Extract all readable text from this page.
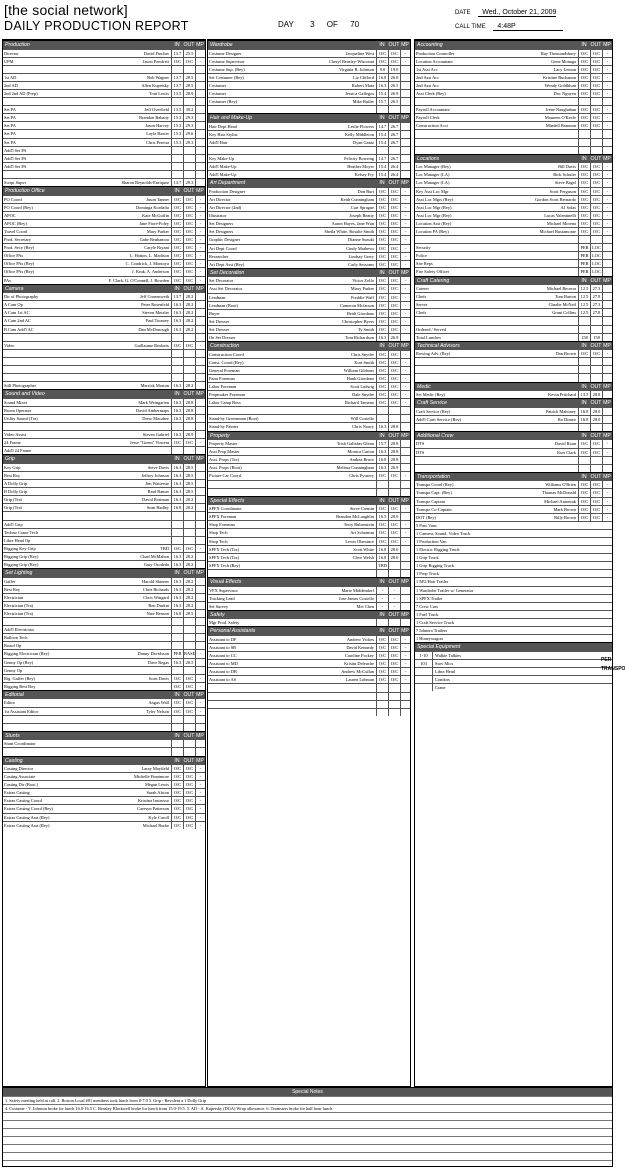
[the social network]
DAILY PRODUCTION REPORT	DAY 3 OF 70
DATE Wed., October 21, 2009
CALL TIME 4:48P
Production	IN OUT MP
Director	David Fincher	13.7 25.5
UPM	Jason Pomfrett	O/C	O/C	-
1st AD	Bob Wagner	13.7 28.5
2nd AD	Allen Kupetsky	13.7 28.5
2nd 2nd AD (Prep)	Toni Lewis	13.5 28.9
Set PA	Jeff Overfield	13.5 30.2
Set PA	Brandon Babatty	15.3 29.3
Set PA	Jason Harvey	15.3 29.3
Set PA	Layla Baxter	15.3 29.6
Set PA	Chris Pereira	15.3 29.3
Add'l Set PA
Add'l Set PA
Add'l Set PA
Script Supvr	Sharon Reynolds-Enriquez	13.7 29.3
Production Office	IN OUT MP
PO Coord	Jason Tanner	O/C	O/C	-
PO Coord (Rey)	Dominga Kordafta	O/C	O/C	-
APOC	Kate McGuffin	O/C	O/C	-
APOC (Rey)	Jane Fiore-Foley	O/C	O/C	-
Travel Coord	Mary Parker	O/C	O/C	-
Prod. Secretary	Gabe Benhamou	O/C	O/C	-
Prod. Secy (Rey)	Caryle Bryant	O/C	O/C	-
Office PAs	L. Hatton, L. Madison	O/C	O/C	-
Office PAs (Rey)	C. Coudrick, J. Montoya	O/C	O/C	-
Office PAs (Rey)	J. Kruk, A. Anderson	O/C	O/C	-
PAs	F. Clark, G. O'Connell, J. Bowden	O/C	O/C	-
Camera	IN OUT MP
Dir of Photography	Jeff Cronenweth	13.7 28.2
A Cam Op	Peter Rosenfeld	16.3 28.2
A Cam 1st AC	Steven Meizler	16.3 28.2
A Cam 2nd AC	Paul Toomey	16.3 28.2
B Cam Add'l AC	Dan McDonough	16.3 28.2
Video	Guillaume Roubeix	O/C	O/C	-
Still Photographer	Merrick Morton	16.3 28.2
Sound and Video	IN OUT MP
Sound Mixer	Mark Weingarten	16.3 28.8
Boom Operator	David Ambermaps	16.3 28.8
Utility Sound (Tra)	Drew Macahee	16.3 28.8
Video Assist	Steven Gabriel	16.3 28.9
24 Frame	Jesse "Green" Vincent	O/C	O/C	-
Add'l 24 Frame
Grip	IN OUT MP
Key Grip	Steve Davis	16.3 28.5
Best Boy	Jeffrey Johnson	16.3 28.5
A Dolly Grip	Jim Wattersie	16.3 28.5
B Dolly Grip	Brad Ramer	16.3 28.5
Grip (Tra)	David Rottman	16.3 28.2
Grip (Tra)	Sean Hadley	16.8 28.2
Add'l Grip
Techno Crane Tech
Libra Head Op
Rigging Key Grip	TBD	O/C	O/C	-
Rigging Grip (Rey)	Chad McMahon	16.3 28.2
Rigging Grip (Rey)	Gary Osodeda	16.3 28.2
Set Lighting	IN OUT MP
Gaffer	Harold Skinner	16.3 28.2
Best Boy	Chris Richards	16.3 28.2
Electrician	Chris Wingard	16.3 28.2
Electrician (Tra)	Ben Durkin	16.3 28.2
Electrician (Tra)	Nate Benson	16.8 28.5
Add'l Electrician
Balloon Tech
Board Op
Rigging Electrician (Rey)	Danny Davidsson	PER BASE	-
Genny Op (Rey)	Dave Regas	16.3 28.5
Genny Op
Rig. Gaffer (Rey)	Scott Davis	O/C	O/C	-
Rigging Best Boy	O/C	O/C	-
Editorial	IN OUT MP
Editor	Angus Wall	O/C	O/C	-
1st Assistant Editor	Tyler Nelson	O/C	O/C	-
Stunts	IN OUT MP
Stunt Coordinator
Casting	IN OUT MP
Casting Director	Laray Mayfield	O/C	O/C	-
Casting Associate	Michelle Finnimore	O/C	O/C	-
Casting Dir (Boot.)	Megan Lewis	O/C	O/C	-
Extras Casting	Sarah Alston	O/C	O/C	-
Extras Casting Coord	Kristina Instrosso	O/C	O/C	-
Extras Casting Coord (Rey)	Caresyn Patterson	O/C	O/C	-
Extras Casting Asst (Rey)	Kyle Caroll	O/C	O/C	-
Extras Casting Asst (Rey)	Michael Burke	O/C	O/C	-
Wardrobe	IN OUT MP
Costume Designer	Jacqueline West	O/C	O/C	-
Costume Supervisor	Cheryl Beasley-Wiscount	O/C	O/C	-
Costume Sup. (Rey)	Virginia B. Johnson	9.0	19.0
Set Costumer (Rey)	Liz Clifford	16.8 26.0
Costumer	Robert Mata	16.3 26.5
Costumer	Jessica Gallegos	15.4 26.9
Costumer (Rey)	Mike Butler	15.7 26.5
Hair and Make-Up	IN OUT MP
Hair Dept Head	Leslie Flowers	14.7 26.7
Key Hair Stylist	Kelly Middleton	15.4 26.7
Add'l Hair	Dyan Gantz	15.4 26.7
Key Make-Up	Felicity Bowring	14.7 26.7
Add'l Make-Up	Heather Moyer	15.4 26.4
Add'l Make-Up	Kelsey Fry	15.4 26.4
Art Department	IN OUT MP
Production Designer	Don Burt	O/C	O/C	-
Art Director	Keith Cunningham	O/C	O/C	-
Art Director (2nd)	Curt Sprague	O/C	O/C	-
Illustrator	Joseph Beatty	O/C	O/C	-
Set Designers	Aaron Hayes, Jane Wun	O/C	O/C	-
Set Designers	Sheila White, Rosalie Smith	O/C	O/C	-
Graphic Designer	Dianne Suzuki	O/C	O/C	-
Art Dept Coord	Cindy Mathews	O/C	O/C	-
Researcher	Lindsay Gerry	O/C	O/C	-
Art Dept Asst (Rey)	Carly Sessoms	O/C	O/C	-
Set Decoration	IN OUT MP
Set Decorator	Victor Zolfo	O/C	O/C	-
Asst Set Decorator	Missy Parker	O/C	O/C	-
Leadman	Freddie Waff	O/C	O/C	-
Leadman (Boot)	Cameron Mcfarson	O/C	O/C	-
Buyer	Heidi Giordano	O/C	O/C	-
Set Dresser	Christopher Byers	O/C	O/C	-
Set Dresser	Ty Smith	O/C	O/C	-
On Set Dresser	Tom Richardson	16.3 26.9
Construction	IN OUT MP
Construction Coord	Chris Snyder	O/C	O/C	-
Const. Coord (Rey)	Kurt Smith	O/C	O/C	-
General Foreman	William Gibbons	O/C	O/C	-
Paint Foreman	Hank Giordano	O/C	O/C	-
Labor Foreman	Scott Ludwig	O/C	O/C	-
Propmaker Foreman	Dale Snyder	O/C	O/C	-
Labor Camp Boss	Richard Tameno	O/C	O/C	-
Stand-by Greensman (Boot)	Will Costello
Stand-by Painter	Chris Noury	16.3 28.8
Property	IN OUT MP
Property Master	Trish Gallaher Glenn	15.7 28.8
Asst Prop Master	Monica Carion	16.3 28.8
Asst. Props (Tra)	Andrea Bruce	16.8 28.8
Asst. Props (Boot)	Melissa Cunningham	16.3 26.9
Picture Car Coord.	Chris Pyusery	O/C	O/C	-
Special Effects	IN OUT MP
SPFX Coordinator	Steve Cremin	O/C	O/C	-
SPFX Foreman	Brandon McLaughlin	16.5 28.0
Shop Foreman	Terry Rubenstein	O/C	O/C	-
Shop Tech	Art Schramm	O/C	O/C	-
Shop Tech	Lewis Oberance	O/C	O/C	-
SPFX Tech (Tra)	Scott White	16.8 28.0
SPFX Tech (Tra)	Clive Welsh	16.8 28.0
SPFX Tech (Rey)	TBD
Visual Effects	IN OUT MP
VFX Supervisor	Marie Middendorf	-	-
Tracking Lead	Jose James Costello	-	-
Set Survey	Mei Chen	-	-
Safety	IN OUT MP
Mgr Prod. Safety
Personal Assistants	IN OUT MP
Assistant to DF	Andrew Vickes	O/C	O/C	-
Assistant to SR	David Kennedy	O/C	O/C	-
Assistant to CC	Caroline Fockey	O/C	O/C	-
Assistant to MD	Kristin Deleuche	O/C	O/C	-
Assistant to DB	Andrew McCullan	O/C	O/C	-
Assistant to AS	Lauren Lohman	O/C	O/C	-
Accounting	IN OUT MP
Production Controller	Ray Thousandsbury	O/C	O/C	-
Location Accountant	Gene Monaga	O/C	O/C	-
1st Asst Acc	Lacy Lemon	O/C	O/C	-
2nd Asst Acc	Kristine Buchanon	O/C	O/C	-
2nd Asst Acc	Wendy Goldblum	O/C	O/C	-
Asst Clerk (Rey)	Doc Nguyen	O/C	O/C	-
Payroll Accountant	Irene Naughahan	O/C	O/C	-
Payroll Clerk	Maureen O'Keefe	O/C	O/C	-
Construction Acct	Mindell Brannon	O/C	O/C	-
Locations	IN OUT MP
Loc Manager (Rey)	Bill Davis	O/C	O/C	-
Loc Manager (LA)	Rick Schuler	O/C	O/C	-
Loc Manager (LA)	Steve Bagel	O/C	O/C	-
Key Asst Loc Mgr	Scott Ferguson	O/C	O/C	-
Asst Loc Mgrs (Rey)	Gordon Scott Bernardo	O/C	O/C	-
Asst Loc Mgr (Rey)	AJ Solas	O/C	O/C	-
Asst Loc Mgr (Rey)	Lucas Valentinelli	O/C	O/C	-
Location Asst (Rey)	Michael Morena	O/C	O/C	-
Location PA (Rey)	Michael Bustamonte	O/C	O/C	-
Security	PER LOC
Police	PER LOC
Site Reps	PER LOC
Fire Safety Officer	PER LOC
Craft Catering	IN OUT MP
Caterer	Michael Becerra	12.5 27.3
Chefs	Tom Barton	12.5 27.8
Server	Charlie McNeil	12.5 27.3
Chefs	Grant Collins	12.5 27.8
Ordered / Served
Total Lunches	158	158
Technical Advisors	IN OUT MP
Rowing Adv. (Rey)	Dan Brown	O/C	O/C	-
Medic	IN OUT MP
Set Medic (Rey)	Kevin Pritchard	13.5 28.8
Craft Service	IN OUT MP
Craft Service (Rey)	Patrick Mahoney	16.8 28.0
Add'l Craft Service (Rey)	Ro Dimeo	16.8 28.0
Additional Crew	IN OUT MP
DTS	David Roan	O/C	O/C	-
DTS	Kurt Clark	O/C	O/C	-
Transportation	IN OUT MP
Transpo Coord (Rey)	Williams O'Brien	O/C	O/C	-
Transpo Capt. (Rey)	Thomas McDonald	O/C	O/C	-
Transpo Captain	Michael Antoniuk	O/C	O/C	-
Transpo Co-Captain	Mark Brown	O/C	O/C	-
DOT (Rey)	Billy Brown	O/C	O/C	-
5 Pass Vans
1 Camera, Sound, Video Truck
1 Production Van
1 Electric Rigging Truck
1 Grip Truck
1 Grip Rigging Truck
1 Prop Truck
1 MU/Hair Trailer
1 Wardrobe Trailer w/ Generator
1 SPFX Trailer
7 Crew Cars
1 Fuel Truck
1 Craft Service Truck
7 Iohnera Trailers
1 Honeywagon
Special Equipment
1-10	Walkie Talkies
103	Surv Mics
Libra Head
Condors
Crane
PER TRANSPO
Special Notes
1. Safety meeting held at call. 2. Boston Local #81 members took lunch from 8-7.0 3. Grip - Revolent a 1 Dolly Grip
4. Costume - V. Johnson broke for lunch 16.0-16.5 C. Beasley Blackwell broke for lunch from 15.0-19.5. 5. AD - A. Kupetsky (DGA) Wrap allowance. 6. Teamsters broke for half hour lunch.
